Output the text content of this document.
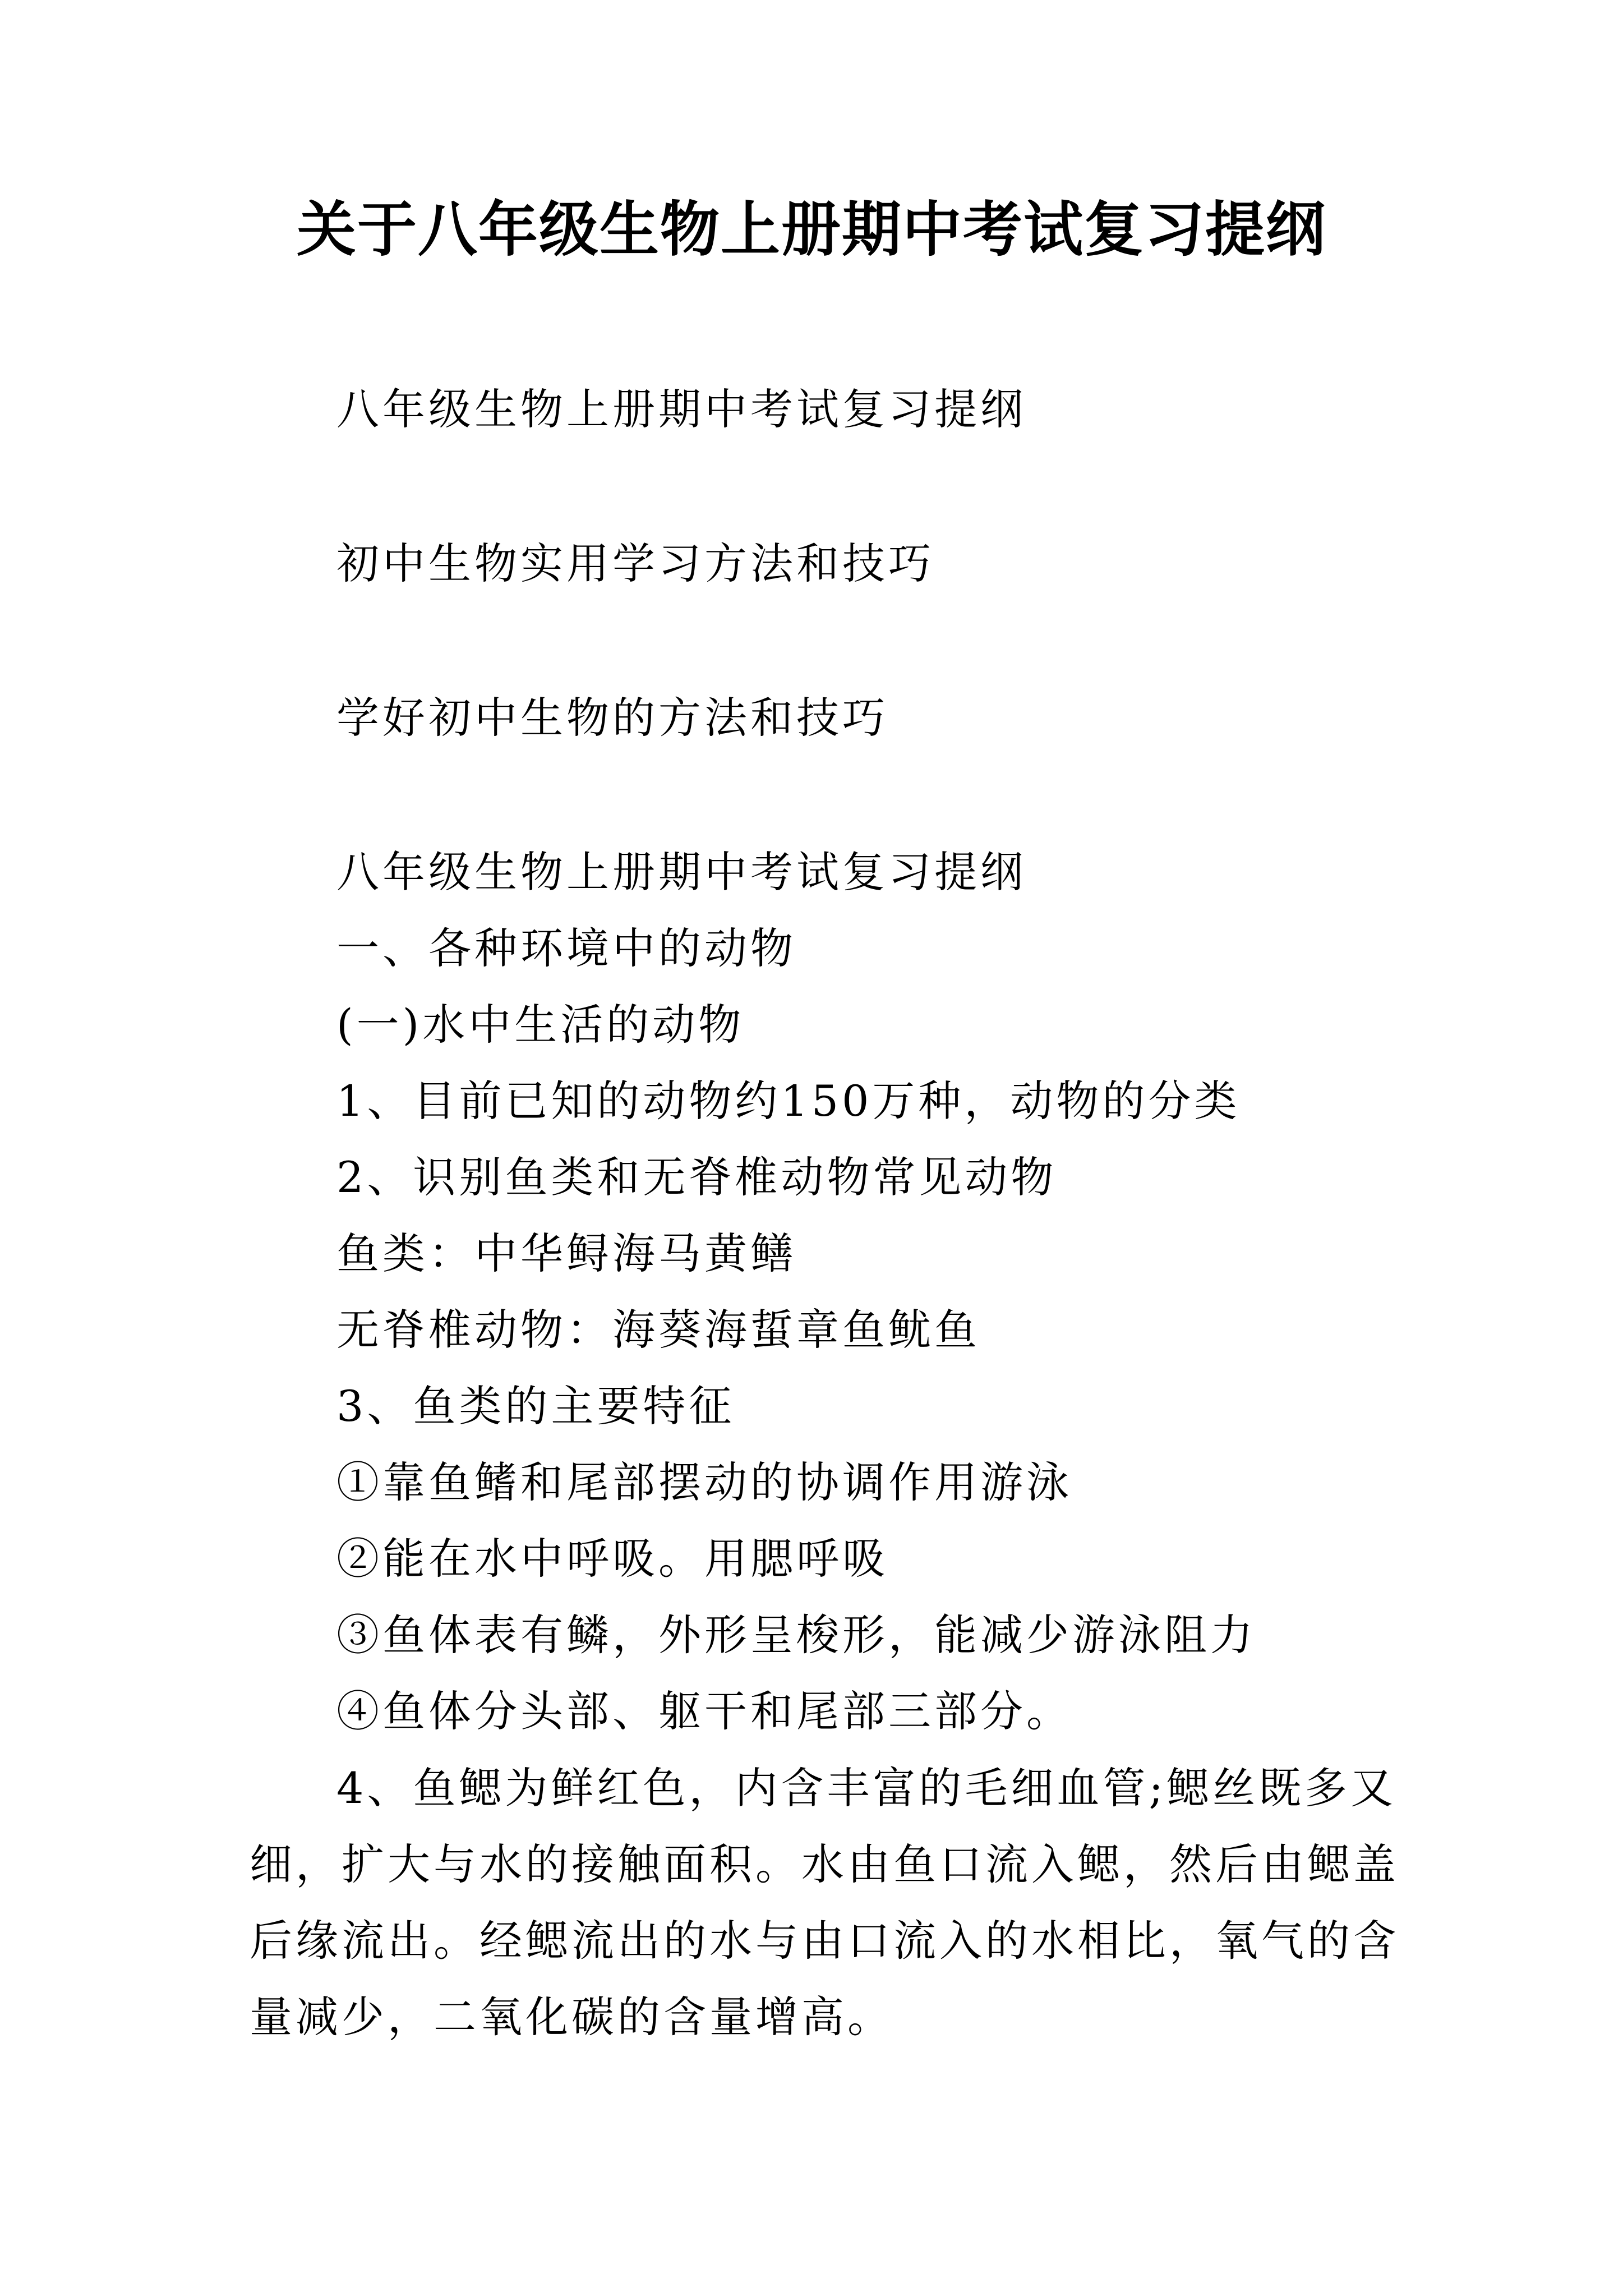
关于八年级生物上册期中考试复习提纲

八年级生物上册期中考试复习提纲

初中生物实用学习方法和技巧

学好初中生物的方法和技巧

八年级生物上册期中考试复习提纲

一、各种环境中的动物

(一)水中生活的动物

1、目前已知的动物约150万种，动物的分类

2、识别鱼类和无脊椎动物常见动物

鱼类：中华鲟海马黄鳝

无脊椎动物：海葵海蜇章鱼鱿鱼

3、鱼类的主要特征

①靠鱼鳍和尾部摆动的协调作用游泳

②能在水中呼吸。用腮呼吸

③鱼体表有鳞，外形呈梭形，能减少游泳阻力

④鱼体分头部、躯干和尾部三部分。

4、鱼鳃为鲜红色，内含丰富的毛细血管;鳃丝既多又细，扩大与水的接触面积。水由鱼口流入鳃，然后由鳃盖后缘流出。经鳃流出的水与由口流入的水相比，氧气的含量减少，二氧化碳的含量增高。
